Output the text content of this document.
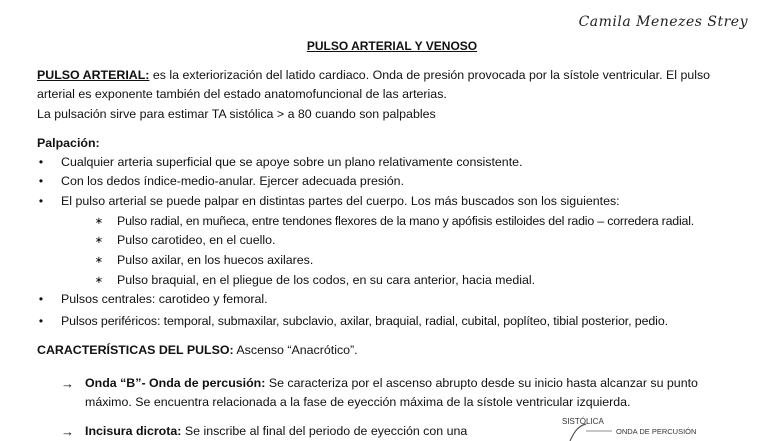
Camila Menezes Strey
PULSO ARTERIAL Y VENOSO
PULSO ARTERIAL: es la exteriorización del latido cardiaco. Onda de presión provocada por la sístole ventricular. El pulso
arterial es exponente también del estado anatomofuncional de las arterias.
La pulsación sirve para estimar TA sistólica > a 80 cuando son palpables
Palpación:
• Cualquier arteria superficial que se apoye sobre un plano relativamente consistente.
• Con los dedos índice-medio-anular. Ejercer adecuada presión.
• El pulso arterial se puede palpar en distintas partes del cuerpo. Los más buscados son los siguientes:
∗ Pulso radial, en muñeca, entre tendones flexores de la mano y apófisis estiloides del radio – corredera radial.
∗ Pulso carotideo, en el cuello.
∗ Pulso axilar, en los huecos axilares.
∗ Pulso braquial, en el pliegue de los codos, en su cara anterior, hacia medial.
• Pulsos centrales: carotideo y femoral.
• Pulsos periféricos: temporal, submaxilar, subclavio, axilar, braquial, radial, cubital, poplíteo, tibial posterior, pedio.
CARACTERÍSTICAS DEL PULSO: Ascenso “Anacrótico”.
→ Onda “B”- Onda de percusión: Se caracteriza por el ascenso abrupto desde su inicio hasta alcanzar su punto
máximo. Se encuentra relacionada a la fase de eyección máxima de la sístole ventricular izquierda.
→ Incisura dicrota: Se inscribe al final del periodo de eyección con una
SISTÓLICA
ONDA DE PERCUSIÓN
